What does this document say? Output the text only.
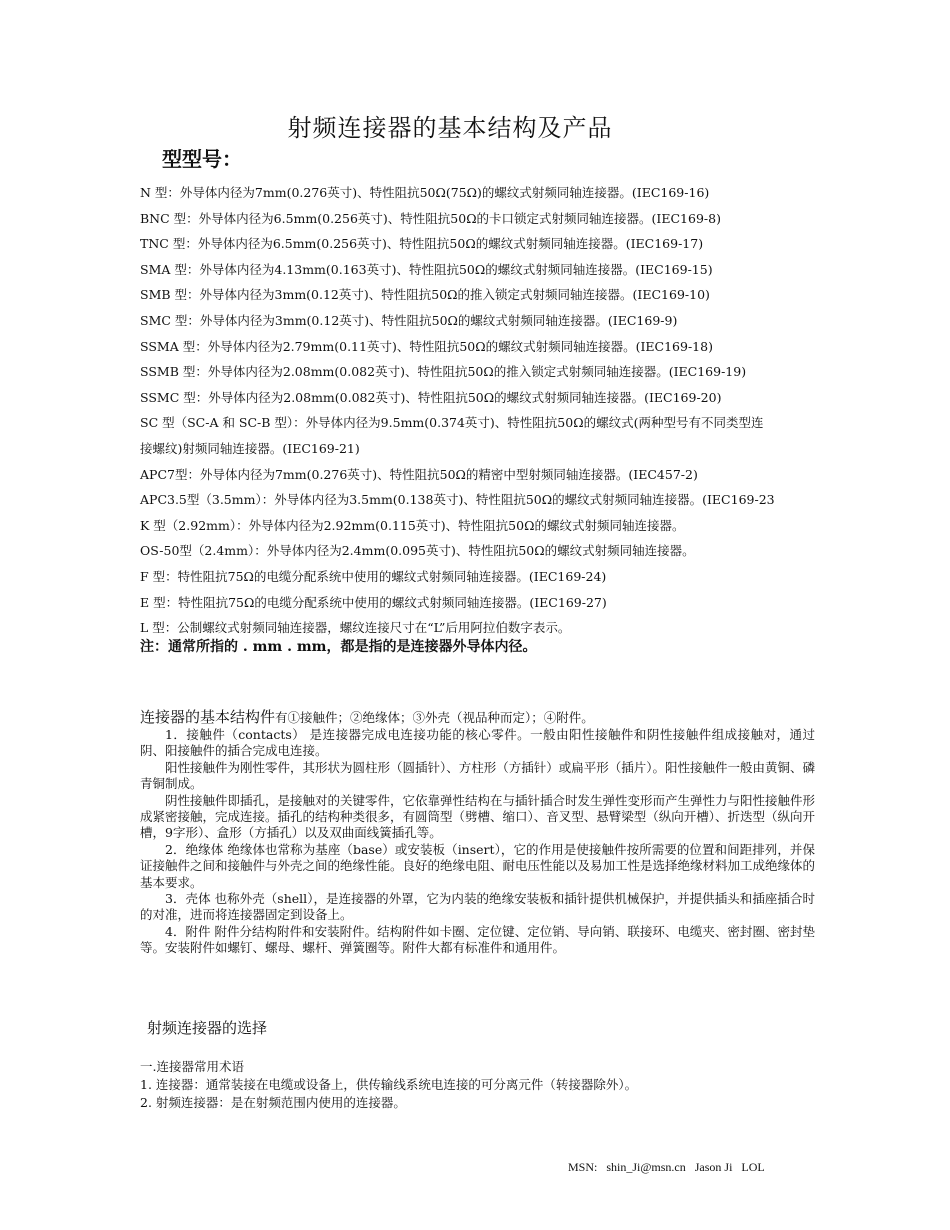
射频连接器的基本结构及产品
型型号：
N 型：外导体内径为7mm(0.276英寸)、特性阻抗50Ω(75Ω)的螺纹式射频同轴连接器。(IEC169-16)
BNC 型：外导体内径为6.5mm(0.256英寸)、特性阻抗50Ω的卡口锁定式射频同轴连接器。(IEC169-8)
TNC 型：外导体内径为6.5mm(0.256英寸)、特性阻抗50Ω的螺纹式射频同轴连接器。(IEC169-17)
SMA 型：外导体内径为4.13mm(0.163英寸)、特性阻抗50Ω的螺纹式射频同轴连接器。(IEC169-15)
SMB 型：外导体内径为3mm(0.12英寸)、特性阻抗50Ω的推入锁定式射频同轴连接器。(IEC169-10)
SMC 型：外导体内径为3mm(0.12英寸)、特性阻抗50Ω的螺纹式射频同轴连接器。(IEC169-9)
SSMA 型：外导体内径为2.79mm(0.11英寸)、特性阻抗50Ω的螺纹式射频同轴连接器。(IEC169-18)
SSMB 型：外导体内径为2.08mm(0.082英寸)、特性阻抗50Ω的推入锁定式射频同轴连接器。(IEC169-19)
SSMC 型：外导体内径为2.08mm(0.082英寸)、特性阻抗50Ω的螺纹式射频同轴连接器。(IEC169-20)
SC 型（SC-A 和 SC-B 型）：外导体内径为9.5mm(0.374英寸)、特性阻抗50Ω的螺纹式(两种型号有不同类型连
接螺纹)射频同轴连接器。(IEC169-21)
APC7型：外导体内径为7mm(0.276英寸)、特性阻抗50Ω的精密中型射频同轴连接器。(IEC457-2)
APC3.5型（3.5mm）：外导体内径为3.5mm(0.138英寸)、特性阻抗50Ω的螺纹式射频同轴连接器。(IEC169-23
K 型（2.92mm）：外导体内径为2.92mm(0.115英寸)、特性阻抗50Ω的螺纹式射频同轴连接器。
OS-50型（2.4mm）：外导体内径为2.4mm(0.095英寸)、特性阻抗50Ω的螺纹式射频同轴连接器。
F 型：特性阻抗75Ω的电缆分配系统中使用的螺纹式射频同轴连接器。(IEC169-24)
E 型：特性阻抗75Ω的电缆分配系统中使用的螺纹式射频同轴连接器。(IEC169-27)
L 型：公制螺纹式射频同轴连接器，螺纹连接尺寸在“L”后用阿拉伯数字表示。
注：通常所指的 . mm . mm，都是指的是连接器外导体内径。
连接器的基本结构件有①接触件；②绝缘体；③外壳（视品种而定）；④附件。

1．接触件（contacts） 是连接器完成电连接功能的核心零件。一般由阳性接触件和阴性接触件组成接触对，通过阴、阳接触件的插合完成电连接。

阳性接触件为刚性零件，其形状为圆柱形（圆插针）、方柱形（方插针）或扁平形（插片）。阳性接触件一般由黄铜、磷青铜制成。

阴性接触件即插孔，是接触对的关键零件，它依靠弹性结构在与插针插合时发生弹性变形而产生弹性力与阳性接触件形成紧密接触，完成连接。插孔的结构种类很多，有圆筒型（劈槽、缩口）、音叉型、悬臂梁型（纵向开槽）、折迭型（纵向开槽，9字形）、盒形（方插孔）以及双曲面线簧插孔等。

2．绝缘体 绝缘体也常称为基座（base）或安装板（insert），它的作用是使接触件按所需要的位置和间距排列，并保证接触件之间和接触件与外壳之间的绝缘性能。良好的绝缘电阻、耐电压性能以及易加工性是选择绝缘材料加工成绝缘体的基本要求。

3．壳体 也称外壳（shell），是连接器的外罩，它为内装的绝缘安装板和插针提供机械保护，并提供插头和插座插合时的对准，进而将连接器固定到设备上。

4．附件 附件分结构附件和安装附件。结构附件如卡圈、定位键、定位销、导向销、联接环、电缆夹、密封圈、密封垫等。安装附件如螺钉、螺母、螺杆、弹簧圈等。附件大都有标准件和通用件。

射频连接器的选择
一.连接器常用术语
1. 连接器：通常装接在电缆或设备上，供传输线系统电连接的可分离元件（转接器除外）。
2. 射频连接器：是在射频范围内使用的连接器。
MSN:   shin_Ji@msn.cn   Jason Ji   LOL
